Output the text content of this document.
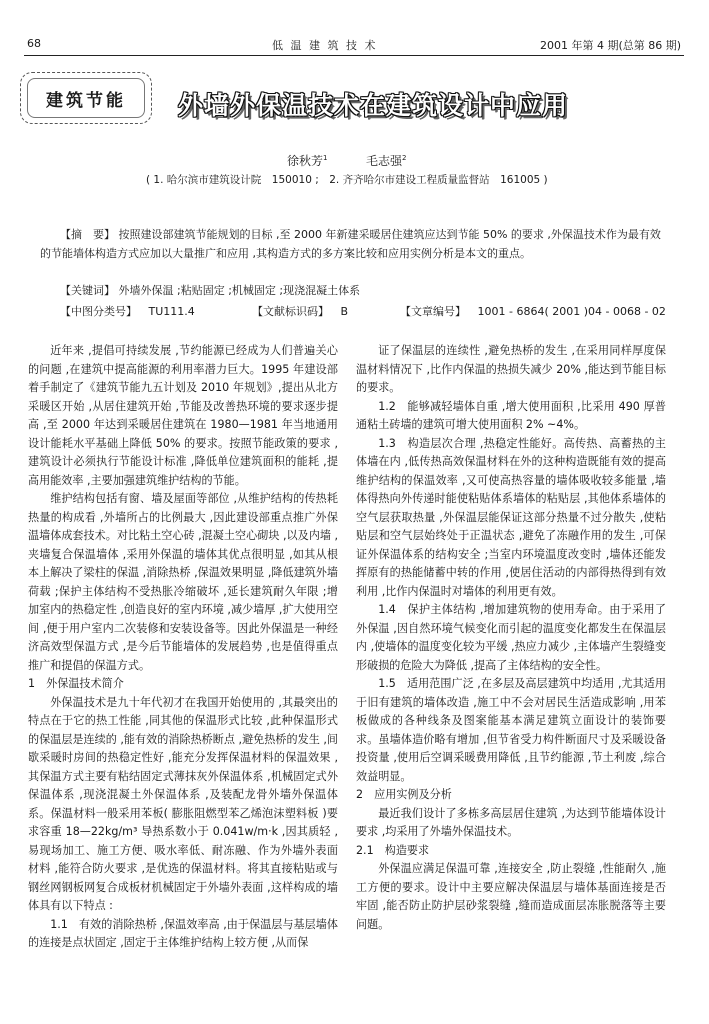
68	低 温 建 筑 技 术	2001 年第 4 期(总第 86 期)
建筑节能	外墙外保温技术在建筑设计中应用
徐秋芳$^1$	毛志强$^2$
( 1. 哈尔滨市建筑设计院　150010 ;　2. 齐齐哈尔市建设工程质量监督站　161005 )
【摘　要】 按照建设部建筑节能规划的目标 ,至 2000 年新建采暖居住建筑应达到节能 50% 的要求 ,外保温技术作为最有效的节能墙体构造方式应加以大量推广和应用 ,其构造方式的多方案比较和应用实例分析是本文的重点。
【关键词】 外墙外保温 ;粘贴固定 ;机械固定 ;现浇混凝土体系
【中图分类号】 TU111.4	【文献标识码】 B	【文章编号】 1001 - 6864( 2001 )04 - 0068 - 02

近年来 ,提倡可持续发展 ,节约能源已经成为人们普遍关心的问题 ,在建筑中提高能源的利用率潜力巨大。1995 年建设部着手制定了《建筑节能九五计划及 2010 年规划》,提出从北方采暖区开始 ,从居住建筑开始 ,节能及改善热环境的要求逐步提高 ,至 2000 年达到采暖居住建筑在 1980—1981 年当地通用设计能耗水平基础上降低 50% 的要求。按照节能政策的要求 ,建筑设计必须执行节能设计标准 ,降低单位建筑面积的能耗 ,提高用能效率 ,主要加强建筑维护结构的节能。

维护结构包括有窗、墙及屋面等部位 ,从维护结构的传热耗热量的构成看 ,外墙所占的比例最大 ,因此建设部重点推广外保温墙体成套技术。对比粘土空心砖 ,混凝土空心砌块 ,以及内墙 ,夹墙复合保温墙体 ,采用外保温的墙体其优点很明显 ,如其从根本上解决了梁柱的保温 ,消除热桥 ,保温效果明显 ,降低建筑外墙荷载 ;保护主体结构不受热胀冷缩破坏 ,延长建筑耐久年限 ;增加室内的热稳定性 ,创造良好的室内环境 ,减少墙厚 ,扩大使用空间 ,便于用户室内二次装修和安装设备等。因此外保温是一种经济高效型保温方式 ,是今后节能墙体的发展趋势 ,也是值得重点推广和提倡的保温方式。

1　外保温技术简介

外保温技术是九十年代初才在我国开始使用的 ,其最突出的特点在于它的热工性能 ,同其他的保温形式比较 ,此种保温形式的保温层是连续的 ,能有效的消除热桥断点 ,避免热桥的发生 ,间歇采暖时房间的热稳定性好 ,能充分发挥保温材料的保温效果 ,其保温方式主要有粘结固定式薄抹灰外保温体系 ,机械固定式外保温体系 ,现浇混凝土外保温体系 ,及装配龙骨外墙外保温体系。保温材料一般采用苯板( 膨胀阻燃型苯乙烯泡沫塑料板 )要求容重 18—22kg/m³ 导热系数小于 0.041w/m·k ,因其质轻 ,易现场加工、施工方便、吸水率低、耐冻融、作为外墙外表面材料 ,能符合防火要求 ,是优选的保温材料。将其直接粘贴或与钢丝网钢板网复合成板材机械固定于外墙外表面 ,这样构成的墙体具有以下特点 :

1.1　有效的消除热桥 ,保温效率高 ,由于保温层与基层墙体的连接是点状固定 ,固定于主体维护结构上较方便 ,从而保

证了保温层的连续性 ,避免热桥的发生 ,在采用同样厚度保温材料情况下 ,比作内保温的热损失减少 20% ,能达到节能目标的要求。

1.2　能够减轻墙体自重 ,增大使用面积 ,比采用 490 厚普通粘土砖墙的建筑可增大使用面积 2% ~4%。

1.3　构造层次合理 ,热稳定性能好。高传热、高蓄热的主体墙在内 ,低传热高效保温材料在外的这种构造既能有效的提高维护结构的保温效率 ,又可使高热容量的墙体吸收较多能量 ,墙体得热向外传递时能使粘贴体系墙体的粘贴层 ,其他体系墙体的空气层获取热量 ,外保温层能保证这部分热量不过分散失 ,使粘贴层和空气层始终处于正温状态 ,避免了冻融作用的发生 ,可保证外保温体系的结构安全 ;当室内环境温度改变时 ,墙体还能发挥原有的热能储蓄中转的作用 ,使居住活动的内部得热得到有效利用 ,比作内保温时对墙体的利用更有效。

1.4　保护主体结构 ,增加建筑物的使用寿命。由于采用了外保温 ,因自然环境气候变化而引起的温度变化都发生在保温层内 ,使墙体的温度变化较为平缓 ,热应力减少 ,主体墙产生裂缝变形破损的危险大为降低 ,提高了主体结构的安全性。

1.5　适用范围广泛 ,在多层及高层建筑中均适用 ,尤其适用于旧有建筑的墙体改造 ,施工中不会对居民生活造成影响 ,用苯板做成的各种线条及图案能基本满足建筑立面设计的装饰要求。虽墙体造价略有增加 ,但节省受力构件断面尺寸及采暖设备投资量 ,使用后空调采暖费用降低 ,且节约能源 ,节土利废 ,综合效益明显。

2　应用实例及分析

最近我们设计了多栋多高层居住建筑 ,为达到节能墙体设计要求 ,均采用了外墙外保温技术。

2.1　构造要求

外保温应满足保温可靠 ,连接安全 ,防止裂缝 ,性能耐久 ,施工方便的要求。设计中主要应解决保温层与墙体基面连接是否牢固 ,能否防止防护层砂浆裂缝 ,缝而造成面层冻胀脱落等主要问题。
